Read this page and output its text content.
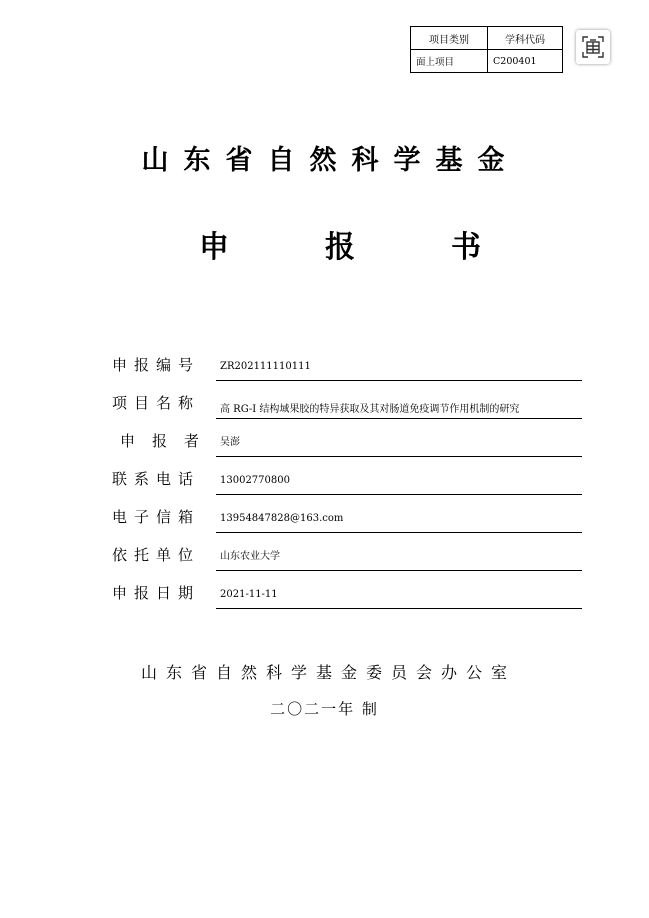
项目类别	学科代码
面上项目	C200401
山东省自然科学基金
申	报	书
申报编号	ZR202111110111
项目名称	高 RG-I 结构域果胶的特异获取及其对肠道免疫调节作用机制的研究
申报者 吴澎
联系电话	13002770800
电子信箱	13954847828@163.com
依托单位	山东农业大学
申报日期	2021-11-11
山东省自然科学基金委员会办公室
二〇二一年 制
